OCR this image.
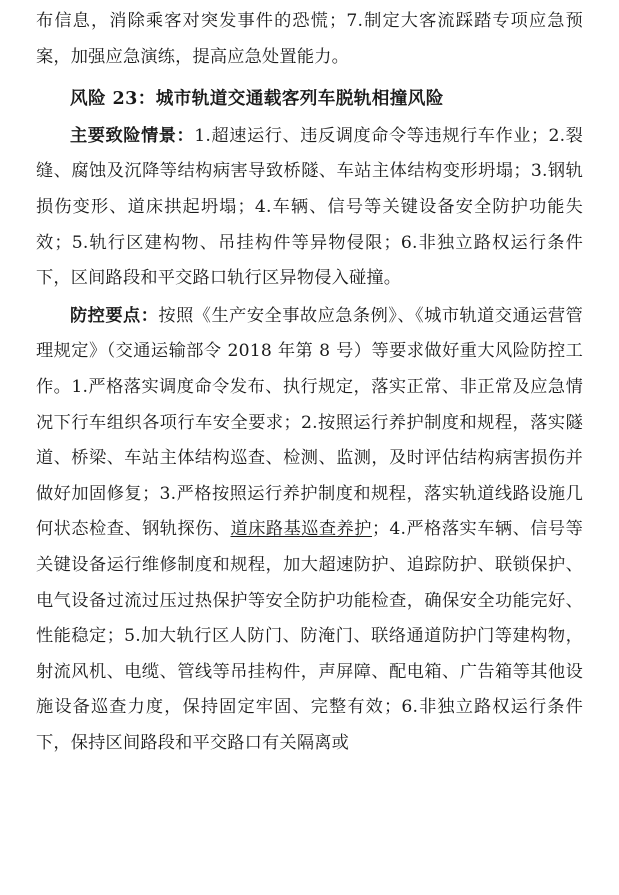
布信息，消除乘客对突发事件的恐慌；7.制定大客流踩踏专项应急预案，加强应急演练，提高应急处置能力。

风险 23：城市轨道交通载客列车脱轨相撞风险

主要致险情景：1.超速运行、违反调度命令等违规行车作业；2.裂缝、腐蚀及沉降等结构病害导致桥隧、车站主体结构变形坍塌；3.钢轨损伤变形、道床拱起坍塌；4.车辆、信号等关键设备安全防护功能失效；5.轨行区建构物、吊挂构件等异物侵限；6.非独立路权运行条件下，区间路段和平交路口轨行区异物侵入碰撞。

防控要点：按照《生产安全事故应急条例》、《城市轨道交通运营管理规定》（交通运输部令 2018 年第 8 号）等要求做好重大风险防控工作。1.严格落实调度命令发布、执行规定，落实正常、非正常及应急情况下行车组织各项行车安全要求；2.按照运行养护制度和规程，落实隧道、桥梁、车站主体结构巡查、检测、监测，及时评估结构病害损伤并做好加固修复；3.严格按照运行养护制度和规程，落实轨道线路设施几何状态检查、钢轨探伤、道床路基巡查养护；4.严格落实车辆、信号等关键设备运行维修制度和规程，加大超速防护、追踪防护、联锁保护、电气设备过流过压过热保护等安全防护功能检查，确保安全功能完好、性能稳定；5.加大轨行区人防门、防淹门、联络通道防护门等建构物，射流风机、电缆、管线等吊挂构件，声屏障、配电箱、广告箱等其他设施设备巡查力度，保持固定牢固、完整有效；6.非独立路权运行条件下，保持区间路段和平交路口有关隔离或
